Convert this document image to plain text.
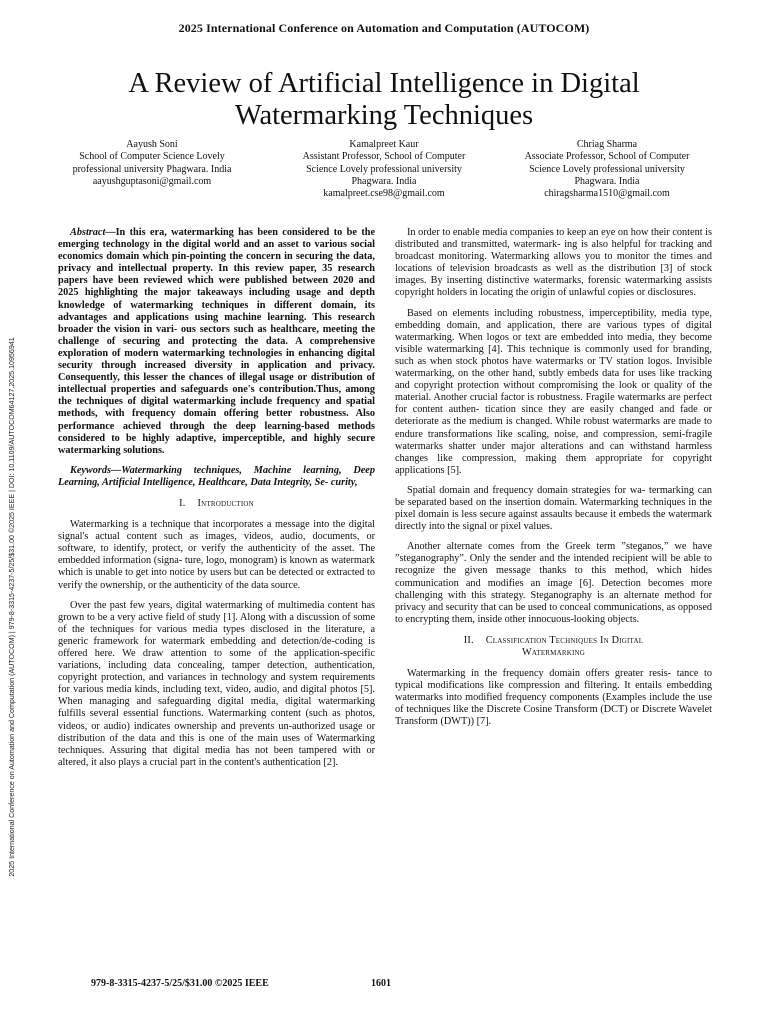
2025 International Conference on Automation and Computation (AUTOCOM)
A Review of Artificial Intelligence in Digital Watermarking Techniques
Aayush Soni
School of Computer Science Lovely
professional university Phagwara. India
aayushguptasoni@gmail.com
Kamalpreet Kaur
Assistant Professor, School of Computer
Science Lovely professional university
Phagwara. India
kamalpreet.cse98@gmail.com
Chriag Sharma
Associate Professor, School of Computer
Science Lovely professional university
Phagwara. India
chiragsharma1510@gmail.com
2025 International Conference on Automation and Computation (AUTOCOM) | 979-8-3315-4237-5/25/$31.00 ©2025 IEEE | DOI: 10.1109/AUTOCOM64127.2025.10956941

Abstract—In this era, watermarking has been considered to be the emerging technology in the digital world and an asset to various social economics domain which pin-pointing the concern in securing the data, privacy and intellectual property. In this review paper, 35 research papers have been reviewed which were published between 2020 and 2025 highlighting the major takeaways including usage and depth knowledge of watermarking techniques in different domain, its advantages and applications using machine learning. This research broader the vision in vari- ous sectors such as healthcare, meeting the challenge of securing and protecting the data. A comprehensive exploration of modern watermarking technologies in enhancing digital security through increased diversity in application and privacy. Consequently, this lesser the chances of illegal usage or distribution of intellectual properties and safeguards one's contribution.Thus, among the techniques of digital watermarking include frequency and spatial methods, with frequency domain offering better robustness. Also performance achieved through the deep learning-based methods considered to be highly adaptive, imperceptible, and highly secure watermarking solutions.

Keywords—Watermarking techniques, Machine learning, Deep Learning, Artificial Intelligence, Healthcare, Data Integrity, Se- curity,

I. Introduction

Watermarking is a technique that incorporates a message into the digital signal's actual content such as images, videos, audio, documents, or software, to identify, protect, or verify the authenticity of the asset. The embedded information (signa- ture, logo, monogram) is known as watermark which is unable to get into notice by users but can be detected or extracted to verify the ownership, or the authenticity of the data source.

Over the past few years, digital watermarking of multimedia content has grown to be a very active field of study [1]. Along with a discussion of some of the techniques for various media types disclosed in the literature, a generic framework for watermark embedding and detection/de-coding is offered here. We draw attention to some of the application-specific variations, including data concealing, tamper detection, authentication, copyright protection, and variances in technology and system requirements for various media kinds, including text, video, audio, and digital photos [5]. When managing and safeguarding digital media, digital watermarking fulfills several essential functions. Watermarking content (such as photos, videos, or audio) indicates ownership and prevents un-authorized usage or distribution of the data and this is one of the main uses of Watermarking techniques. Assuring that digital media has not been tampered with or altered, it also plays a crucial part in the content's authentication [2].

In order to enable media companies to keep an eye on how their content is distributed and transmitted, watermark- ing is also helpful for tracking and broadcast monitoring. Watermarking allows you to monitor the times and locations of television broadcasts as well as the distribution [3] of stock images. By inserting distinctive watermarks, forensic watermarking assists copyright holders in locating the origin of unlawful copies or disclosures.

Based on elements including robustness, imperceptibility, media type, embedding domain, and application, there are various types of digital watermarking. When logos or text are embedded into media, they become visible watermarking [4]. This technique is commonly used for branding, such as when stock photos have watermarks or TV station logos. Invisible watermarking, on the other hand, subtly embeds data for uses like tracking and copyright protection without compromising the look or quality of the material. Another crucial factor is robustness. Fragile watermarks are perfect for content authen- tication since they are easily changed and fade or deteriorate as the medium is changed. While robust watermarks are made to endure transformations like scaling, noise, and compression, semi-fragile watermarks shatter under major alterations and can withstand harmless changes like compression, making them appropriate for copyright applications [5].

Spatial domain and frequency domain strategies for wa- termarking can be separated based on the insertion domain. Watermarking techniques in the pixel domain is less secure against assaults because it embeds the watermark directly into the signal or pixel values.

Another alternate comes from the Greek term ”steganos,” we have ”steganography”. Only the sender and the intended recipient will be able to recognize the given message thanks to this method, which hides communication and modifies an image [6]. Detection becomes more challenging with this strategy. Steganography is an alternate method for privacy and security that can be used to conceal communications, as opposed to encrypting them, inside other innocuous-looking objects.

II. Classification Techniques In Digital
Watermarking

Watermarking in the frequency domain offers greater resis- tance to typical modifications like compression and filtering. It entails embedding watermarks into modified frequency components (Examples include the use of techniques like the Discrete Cosine Transform (DCT) or Discrete Wavelet Transform (DWT)) [7].

979-8-3315-4237-5/25/$31.00 ©2025 IEEE	1601
